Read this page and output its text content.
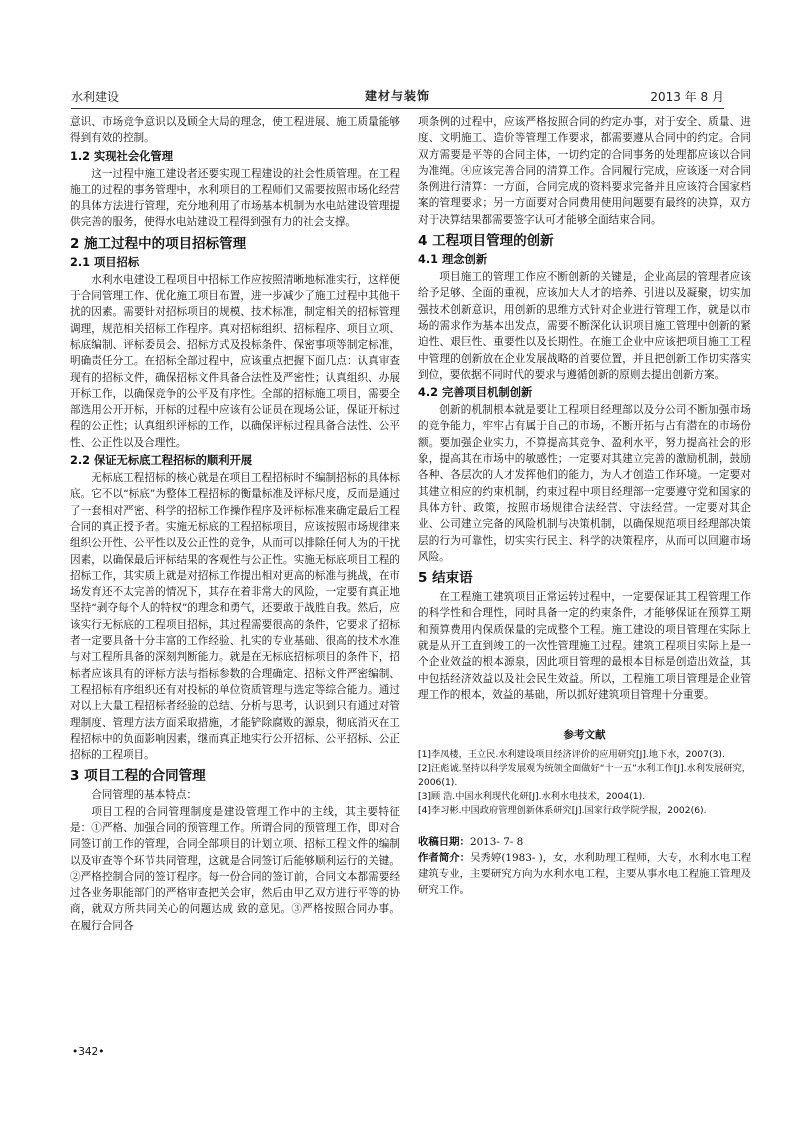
水利建设	建材与装饰	2013 年 8 月

意识、市场竞争意识以及顾全大局的理念，使工程进展、施工质量能够得到有效的控制。

1.2 实现社会化管理

这一过程中施工建设者还要实现工程建设的社会性质管理。在工程施工的过程的事务管理中，水利项目的工程师们又需要按照市场化经营的具体方法进行管理，充分地利用了市场基本机制为水电站建设管理提供完善的服务，使得水电站建设工程得到强有力的社会支撑。

2 施工过程中的项目招标管理
2.1 项目招标

水利水电建设工程项目中招标工作应按照清晰地标准实行，这样便于合同管理工作、优化施工项目布置，进一步减少了施工过程中其他干扰的因素。需要针对招标项目的规模、技术标准，制定相关的招标管理调理，规范相关招标工作程序。真对招标组织、招标程序、项目立项、标底编制、评标委员会、招标方式及投标条件、保密事项等制定标准，明确责任分工。在招标全部过程中，应该重点把握下面几点：认真审查现有的招标文件，确保招标文件具备合法性及严密性；认真组织、办展开标工作，以确保竞争的公平及有序性。全部的招标施工项目，需要全部选用公开开标，开标的过程中应该有公证员在现场公证，保证开标过程的公正性；认真组织评标的工作，以确保评标过程具备合法性、公平性、公正性以及合理性。

2.2 保证无标底工程招标的顺利开展

无标底工程招标的核心就是在项目工程招标时不编制招标的具体标底。它不以“标底”为整体工程招标的衡量标准及评标尺度，反而是通过了一套相对严密、科学的招标工作操作程序及评标标准来确定最后工程合同的真正授予者。实施无标底的工程招标项目，应该按照市场规律来组织公开性、公平性以及公正性的竞争，从而可以排除任何人为的干扰因素，以确保最后评标结果的客观性与公正性。实施无标底项目工程的招标工作，其实质上就是对招标工作提出相对更高的标准与挑战，在市场发育还不太完善的情况下，其存在着非常大的风险，一定要有真正地坚持“剥夺每个人的特权”的理念和勇气，还要敢于战胜自我。然后，应该实行无标底的工程项目招标，其过程需要很高的条件，它要求了招标者一定要具备十分丰富的工作经验、扎实的专业基础、很高的技术水准与对工程所具备的深刻判断能力。就是在无标底招标项目的条件下，招标者应该具有的评标方法与指标参数的合理确定、招标文件严密编制、工程招标有序组织还有对投标的单位资质管理与选定等综合能力。通过对以上大量工程招标者经验的总结、分析与思考，认识到只有通过对管理制度、管理方法方面采取措施，才能铲除腐败的源泉，彻底消灭在工程招标中的负面影响因素，继而真正地实行公开招标、公平招标、公正招标的工程项目。

3 项目工程的合同管理

合同管理的基本特点：

项目工程的合同管理制度是建设管理工作中的主线，其主要特征是：①严格、加强合同的预管理工作。所谓合同的预管理工作，即对合同签订前工作的管理，合同全部项目的计划立项、招标工程文件的编制以及审查等个环节共同管理，这就是合同签订后能够顺利运行的关键。②严格控制合同的签订程序。每一份合同的签订前，合同文本都需要经过各业务职能部门的严格审查把关会审，然后由甲乙双方进行平等的协商，就双方所共同关心的问题达成 致的意见。③严格按照合同办事。在履行合同各

项条例的过程中，应该严格按照合同的约定办事，对于安全、质量、进度、文明施工、造价等管理工作要求，都需要遵从合同中的约定。合同双方需要是平等的合同主体，一切约定的合同事务的处理都应该以合同为准绳。④应该完善合同的清算工作。合同履行完成，应该逐一对合同条例进行清算：一方面，合同完成的资料要求完备并且应该符合国家档案的管理要求；另一方面要对合同费用使用问题要有最终的决算，双方对于决算结果都需要签字认可才能够全面结束合同。

4 工程项目管理的创新
4.1 理念创新

项目施工的管理工作应不断创新的关键是，企业高层的管理者应该给予足够、全面的重视，应该加大人才的培养、引进以及凝聚，切实加强技术创新意识，用创新的思维方式针对企业进行管理工作，就是以市场的需求作为基本出发点，需要不断深化认识项目施工管理中创新的紧迫性、艰巨性、重要性以及长期性。在施工企业中应该把项目施工工程中管理的创新放在企业发展战略的首要位置，并且把创新工作切实落实到位，要依据不同时代的要求与遵循创新的原则去提出创新方案。

4.2 完善项目机制创新

创新的机制根本就是要让工程项目经理部以及分公司不断加强市场的竞争能力，牢牢占有属于自己的市场，不断开拓与占有潜在的市场份额。要加强企业实力，不算提高其竞争、盈利水平，努力提高社会的形象，提高其在市场中的敏感性；一定要对其建立完善的激励机制，鼓励各种、各层次的人才发挥他们的能力，为人才创造工作环境。一定要对其建立相应的约束机制，约束过程中项目经理部一定要遵守党和国家的具体方针、政策，按照市场规律合法经营、守法经营。一定要对其企业、公司建立完备的风险机制与决策机制，以确保规范项目经理部决策层的行为可靠性，切实实行民主、科学的决策程序，从而可以回避市场风险。

5 结束语

在工程施工建筑项目正常运转过程中，一定要保证其工程管理工作的科学性和合理性，同时具备一定的约束条件，才能够保证在预算工期和预算费用内保质保量的完成整个工程。施工建设的项目管理在实际上就是从开工直到竣工的一次性管理施工过程。建筑工程项目实际上是一个企业效益的根本源泉，因此项目管理的最根本目标是创造出效益，其中包括经济效益以及社会民生效益。所以，工程施工项目管理是企业管理工作的根本，效益的基础，所以抓好建筑项目管理十分重要。

参考文献

[1]李凤楼，王立民.水利建设项目经济评价的应用研究[J].地下水，2007(3).

[2]汪彪诚.坚持以科学发展观为统领全面做好“十一五”水利工作[J].水利发展研究，2006(1).

[3]顾 浩.中国水利现代化研[J].水利水电技术，2004(1).

[4]李习彬.中国政府管理创新体系研究[J].国家行政学院学报，2002(6).

收稿日期：2013- 7- 8

作者简介：吴秀婷(1983- )，女，水利助理工程师，大专，水利水电工程建筑专业，主要研究方向为水利水电工程，主要从事水电工程施工管理及研究工作。

•342•
